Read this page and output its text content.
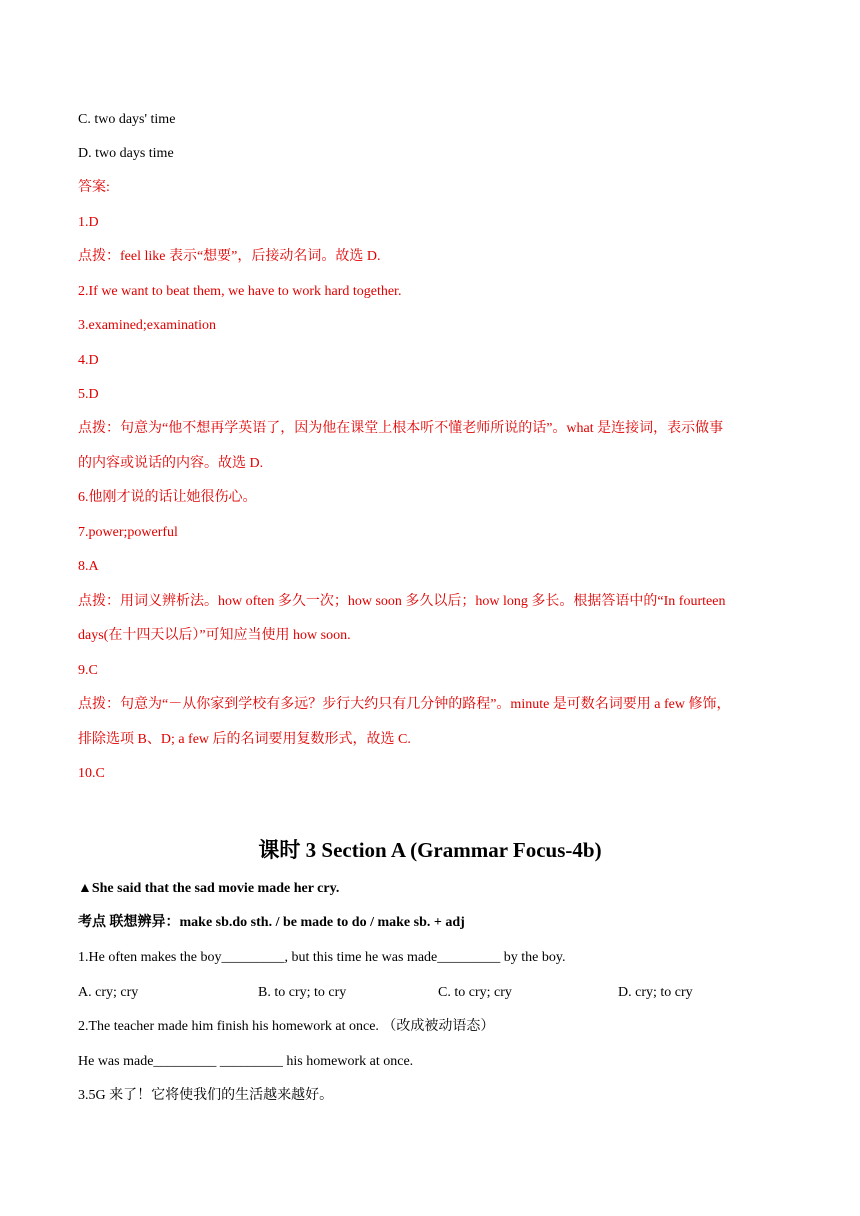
C. two days' time
D. two days time
答案:
1.D
点拨：feel like 表示“想要”，后接动名词。故选 D.
2.If we want to beat them, we have to work hard together.
3.examined;examination
4.D
5.D
点拨：句意为“他不想再学英语了，因为他在课堂上根本听不懂老师所说的话”。what 是连接词，表示做事
的内容或说话的内容。故选 D.
6.他刚才说的话让她很伤心。
7.power;powerful
8.A
点拨：用词义辨析法。how often 多久一次；how soon 多久以后；how long 多长。根据答语中的“In fourteen
days(在十四天以后）”可知应当使用 how soon.
9.C
点拨：句意为“－从你家到学校有多远？步行大约只有几分钟的路程”。minute 是可数名词要用 a few 修饰，
排除选项 B、D; a few 后的名词要用复数形式，故选 C.
10.C
课时 3 Section A (Grammar Focus-4b)
▲She said that the sad movie made her cry.
考点 联想辨异：make sb.do sth. / be made to do / make sb. + adj
1.He often makes the boy_________, but this time he was made_________ by the boy.
A. cry; cry	B. to cry; to cry	C. to cry; cry	D. cry; to cry
2.The teacher made him finish his homework at once. （改成被动语态）
He was made_________ _________ his homework at once.
3.5G 来了！它将使我们的生活越来越好。
